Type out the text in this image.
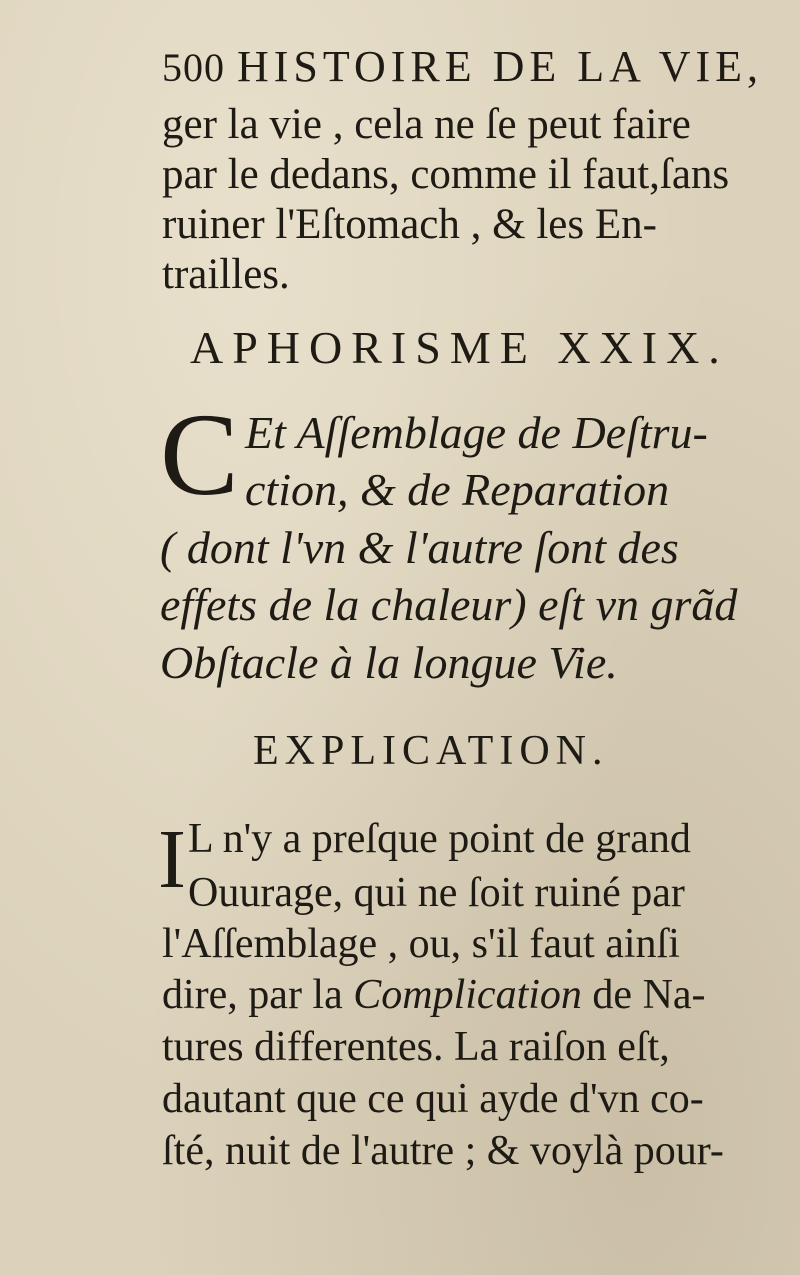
500 HISTOIRE DE LA VIE,
ger la vie , cela ne ſe peut faire
par le dedans, comme il faut,ſans
ruiner l'Eſtomach , & les En-
trailles.
APHORISME XXIX.
C Et Aſſemblage de Deſtru-
ction, & de Reparation
( dont l'vn & l'autre ſont des
effets de la chaleur) eſt vn grãd
Obſtacle à la longue Vie.
EXPLICATION.
I L n'y a preſque point de grand
Ouurage, qui ne ſoit ruiné par
l'Aſſemblage , ou, s'il faut ainſi
dire, par la Complication de Na-
tures differentes. La raiſon eſt,
dautant que ce qui ayde d'vn co-
ſté, nuit de l'autre ; & voylà pour-
